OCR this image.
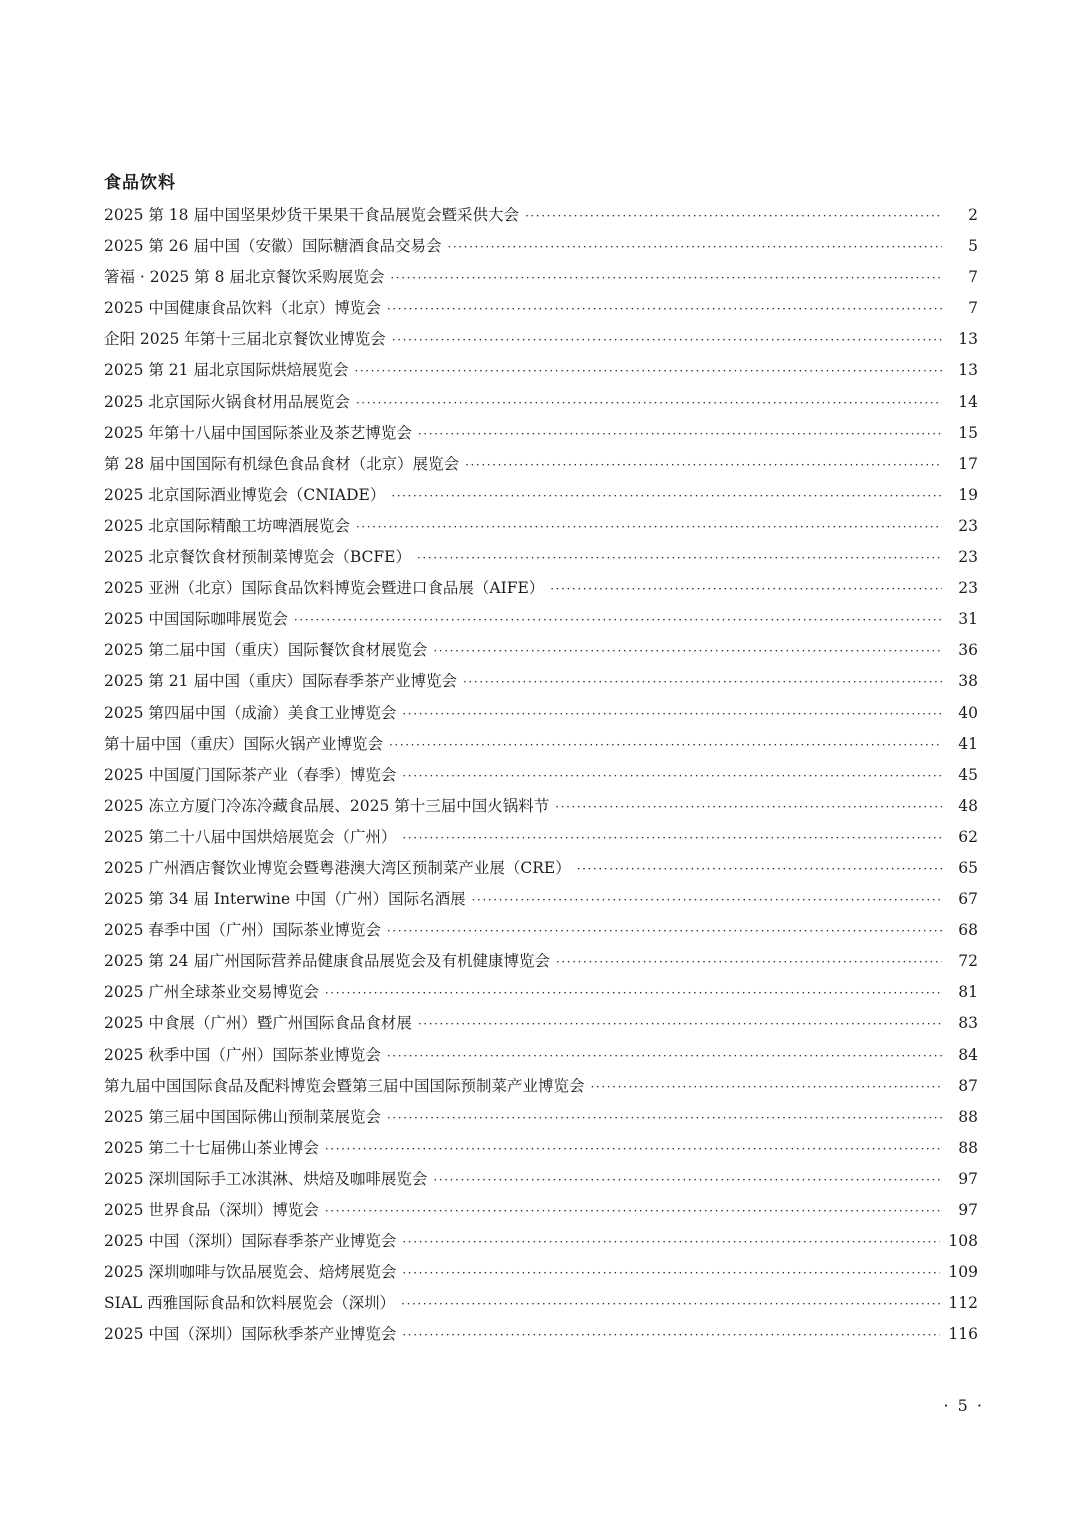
食品饮料
2025 第 18 届中国坚果炒货干果果干食品展览会暨采供大会 ·····	2
2025 第 26 届中国（安徽）国际糖酒食品交易会 ·····	5
箸福 · 2025 第 8 届北京餐饮采购展览会 ·····	7
2025 中国健康食品饮料（北京）博览会 ·····	7
企阳 2025 年第十三届北京餐饮业博览会 ·····	13
2025 第 21 届北京国际烘焙展览会 ·····	13
2025 北京国际火锅食材用品展览会 ·····	14
2025 年第十八届中国国际茶业及茶艺博览会 ·····	15
第 28 届中国国际有机绿色食品食材（北京）展览会 ·····	17
2025 北京国际酒业博览会（CNIADE） ·····	19
2025 北京国际精酿工坊啤酒展览会 ·····	23
2025 北京餐饮食材预制菜博览会（BCFE） ·····	23
2025 亚洲（北京）国际食品饮料博览会暨进口食品展（AIFE） ·····	23
2025 中国国际咖啡展览会 ·····	31
2025 第二届中国（重庆）国际餐饮食材展览会 ·····	36
2025 第 21 届中国（重庆）国际春季茶产业博览会 ·····	38
2025 第四届中国（成渝）美食工业博览会 ·····	40
第十届中国（重庆）国际火锅产业博览会 ·····	41
2025 中国厦门国际茶产业（春季）博览会 ·····	45
2025 冻立方厦门冷冻冷藏食品展、2025 第十三届中国火锅料节 ·····	48
2025 第二十八届中国烘焙展览会（广州） ·····	62
2025 广州酒店餐饮业博览会暨粤港澳大湾区预制菜产业展（CRE） ·····	65
2025 第 34 届 Interwine 中国（广州）国际名酒展 ·····	67
2025 春季中国（广州）国际茶业博览会 ·····	68
2025 第 24 届广州国际营养品健康食品展览会及有机健康博览会 ·····	72
2025 广州全球茶业交易博览会 ·····	81
2025 中食展（广州）暨广州国际食品食材展 ·····	83
2025 秋季中国（广州）国际茶业博览会 ·····	84
第九届中国国际食品及配料博览会暨第三届中国国际预制菜产业博览会 ·····	87
2025 第三届中国国际佛山预制菜展览会 ·····	88
2025 第二十七届佛山茶业博会 ·····	88
2025 深圳国际手工冰淇淋、烘焙及咖啡展览会 ·····	97
2025 世界食品（深圳）博览会 ·····	97
2025 中国（深圳）国际春季茶产业博览会 ·····	108
2025 深圳咖啡与饮品展览会、焙烤展览会 ·····	109
SIAL 西雅国际食品和饮料展览会（深圳） ·····	112
2025 中国（深圳）国际秋季茶产业博览会 ·····	116
· 5 ·
